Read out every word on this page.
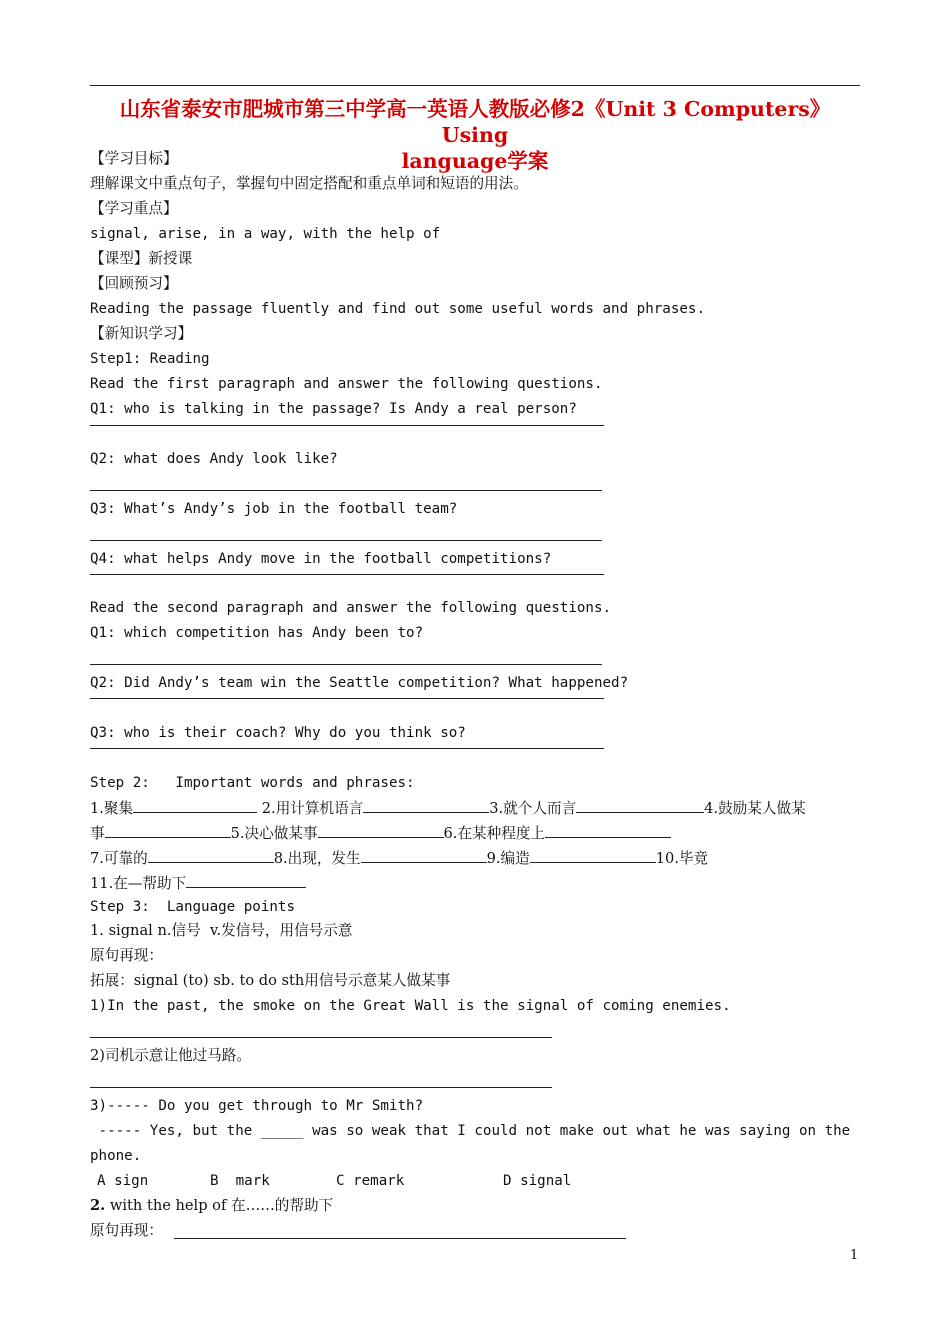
山东省泰安市肥城市第三中学高一英语人教版必修2《Unit 3 Computers》Using
language学案
【学习目标】
理解课文中重点句子，掌握句中固定搭配和重点单词和短语的用法。
【学习重点】
signal, arise, in a way, with the help of
【课型】新授课
【回顾预习】
Reading the passage fluently and find out some useful words and phrases.
【新知识学习】
Step1: Reading
Read the first paragraph and answer the following questions.
Q1: who is talking in the passage? Is Andy a real person?
Q2: what does Andy look like?
Q3: What’s Andy’s job in the football team?
Q4: what helps Andy move in the football competitions?
Read the second paragraph and answer the following questions.
Q1: which competition has Andy been to?
Q2: Did Andy’s team win the Seattle competition? What happened?
Q3: who is their coach? Why do you think so?
Step 2:   Important words and phrases:
1.聚集	2.用计算机语言	3.就个人而言	4.鼓励某人做某
事	5.决心做某事	6.在某种程度上
7.可靠的	8.出现，发生	9.编造	10.毕竟
11.在—帮助下
Step 3:  Language points
1. signal n.信号  v.发信号，用信号示意
原句再现：
拓展：signal (to) sb. to do sth用信号示意某人做某事
1)In the past, the smoke on the Great Wall is the signal of coming enemies.
2)司机示意让他过马路。
3)----- Do you get through to Mr Smith?
----- Yes, but the _____ was so weak that I could not make out what he was saying on the
phone.
A sign	B  mark	C remark	D signal
2. with the help of 在……的帮助下
原句再现：
1
